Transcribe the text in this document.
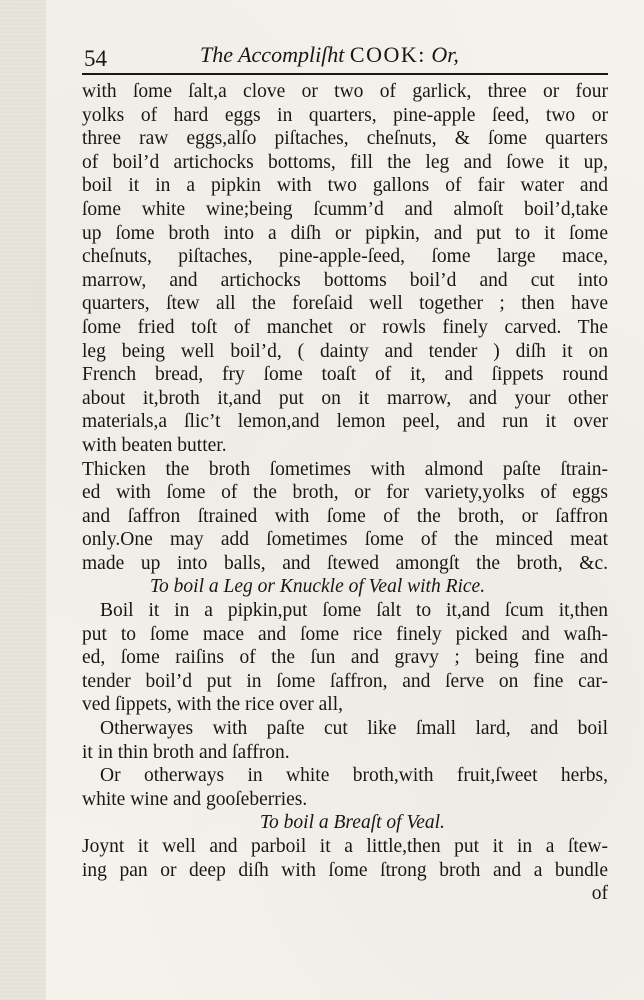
54	The Accompliſht COOK: Or,
with ſome ſalt,a clove or two of garlick, three or four
yolks of hard eggs in quarters, pine-apple ſeed, two or
three raw eggs,alſo piſtaches, cheſnuts, & ſome quarters
of boil’d artichocks bottoms, fill the leg and ſowe it up,
boil it in a pipkin with two gallons of fair water and
ſome white wine;being ſcumm’d and almoſt boil’d,take
up ſome broth into a diſh or pipkin, and put to it ſome
cheſnuts, piſtaches, pine-apple-ſeed, ſome large mace,
marrow, and artichocks bottoms boil’d and cut into
quarters, ſtew all the foreſaid well together ; then have
ſome fried toſt of manchet or rowls finely carved. The
leg being well boil’d, ( dainty and tender ) diſh it on
French bread, fry ſome toaſt of it, and ſippets round
about it,broth it,and put on it marrow, and your other
materials,a ſlic’t lemon,and lemon peel, and run it over
with beaten butter.
Thicken the broth ſometimes with almond paſte ſtrain-
ed with ſome of the broth, or for variety,yolks of eggs
and ſaffron ſtrained with ſome of the broth, or ſaffron
only.One may add ſometimes ſome of the minced meat
made up into balls, and ſtewed amongſt the broth, &c.
To boil a Leg or Knuckle of Veal with Rice.
Boil it in a pipkin,put ſome ſalt to it,and ſcum it,then
put to ſome mace and ſome rice finely picked and waſh-
ed, ſome raiſins of the ſun and gravy ; being fine and
tender boil’d put in ſome ſaffron, and ſerve on fine car-
ved ſippets, with the rice over all,
Otherwayes with paſte cut like ſmall lard, and boil
it in thin broth and ſaffron.
Or otherways in white broth,with fruit,ſweet herbs,
white wine and gooſeberries.
To boil a Breaſt of Veal.
Joynt it well and parboil it a little,then put it in a ſtew-
ing pan or deep diſh with ſome ſtrong broth and a bundle
of
